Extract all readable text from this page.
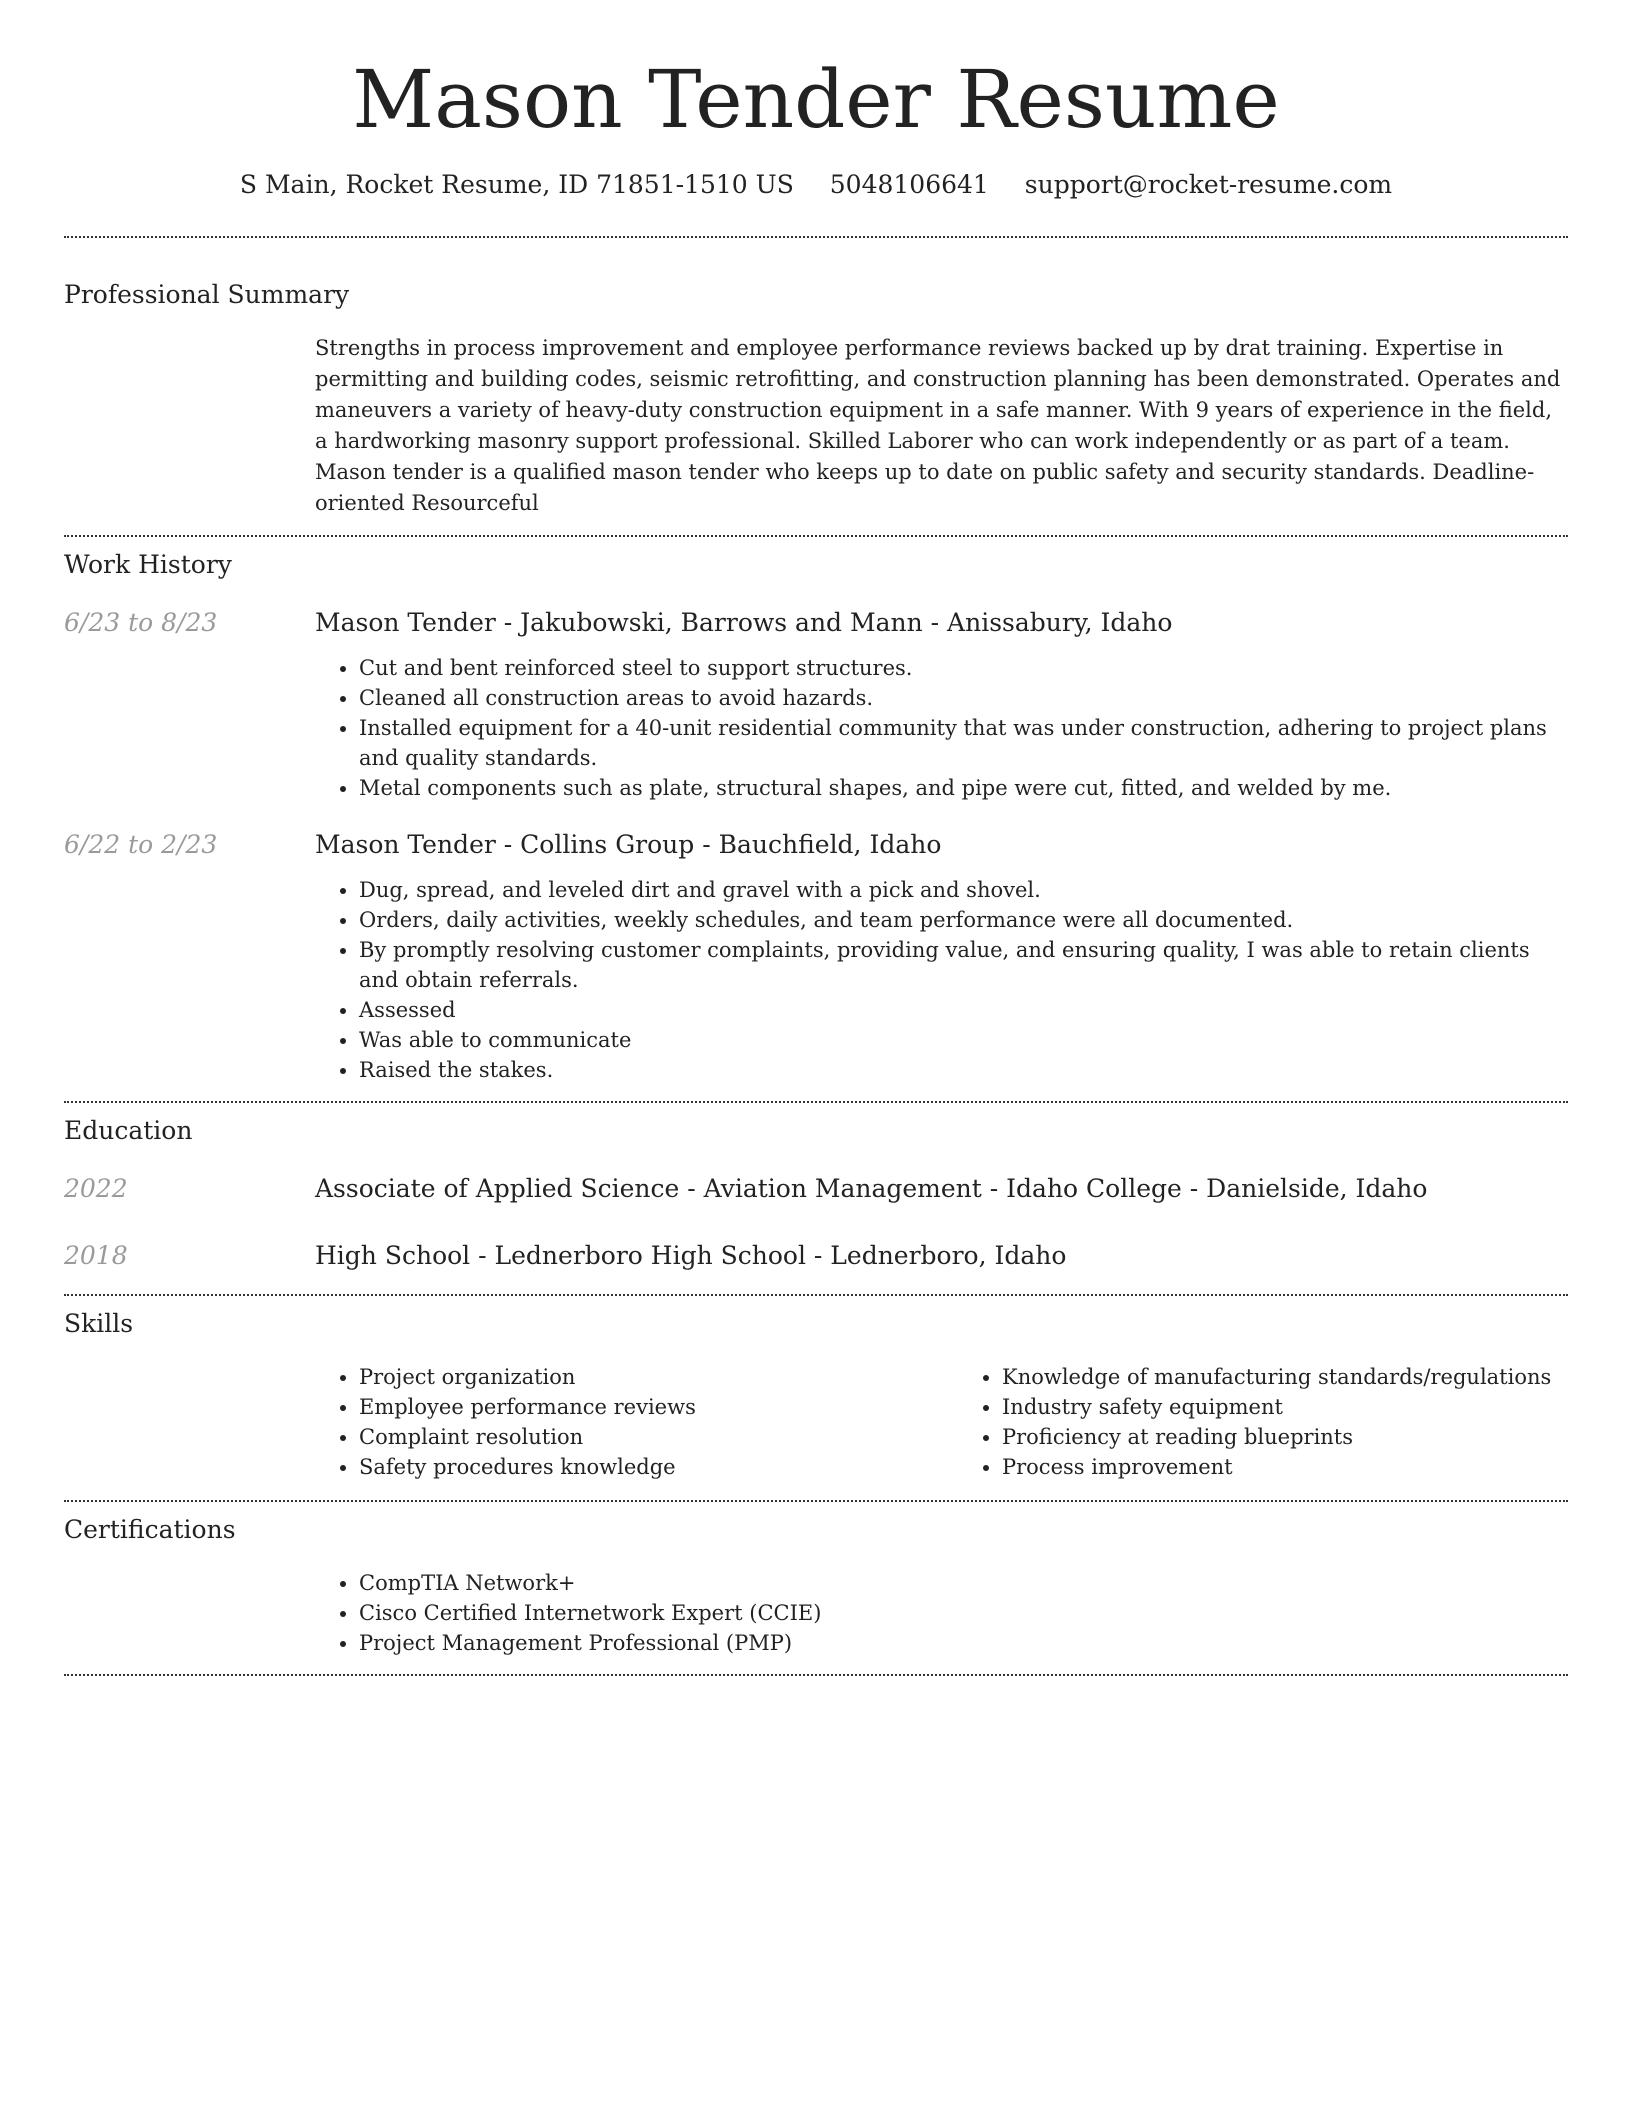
Mason Tender Resume
S Main, Rocket Resume, ID 71851-1510 US 5048106641 support@rocket-resume.com
Professional Summary
Strengths in process improvement and employee performance reviews backed up by drat training. Expertise in permitting and building codes, seismic retrofitting, and construction planning has been demonstrated. Operates and maneuvers a variety of heavy-duty construction equipment in a safe manner. With 9 years of experience in the field, a hardworking masonry support professional. Skilled Laborer who can work independently or as part of a team. Mason tender is a qualified mason tender who keeps up to date on public safety and security standards. Deadline-oriented Resourceful
Work History
6/23 to 8/23	Mason Tender - Jakubowski, Barrows and Mann - Anissabury, Idaho
• Cut and bent reinforced steel to support structures.
• Cleaned all construction areas to avoid hazards.
• Installed equipment for a 40-unit residential community that was under construction, adhering to project plans and quality standards.
• Metal components such as plate, structural shapes, and pipe were cut, fitted, and welded by me.
6/22 to 2/23	Mason Tender - Collins Group - Bauchfield, Idaho
• Dug, spread, and leveled dirt and gravel with a pick and shovel.
• Orders, daily activities, weekly schedules, and team performance were all documented.
• By promptly resolving customer complaints, providing value, and ensuring quality, I was able to retain clients and obtain referrals.
• Assessed
• Was able to communicate
• Raised the stakes.
Education
2022	Associate of Applied Science - Aviation Management - Idaho College - Danielside, Idaho
2018	High School - Lednerboro High School - Lednerboro, Idaho
Skills
• Project organization
• Employee performance reviews
• Complaint resolution
• Safety procedures knowledge
• Knowledge of manufacturing standards/regulations
• Industry safety equipment
• Proficiency at reading blueprints
• Process improvement
Certifications
• CompTIA Network+
• Cisco Certified Internetwork Expert (CCIE)
• Project Management Professional (PMP)
